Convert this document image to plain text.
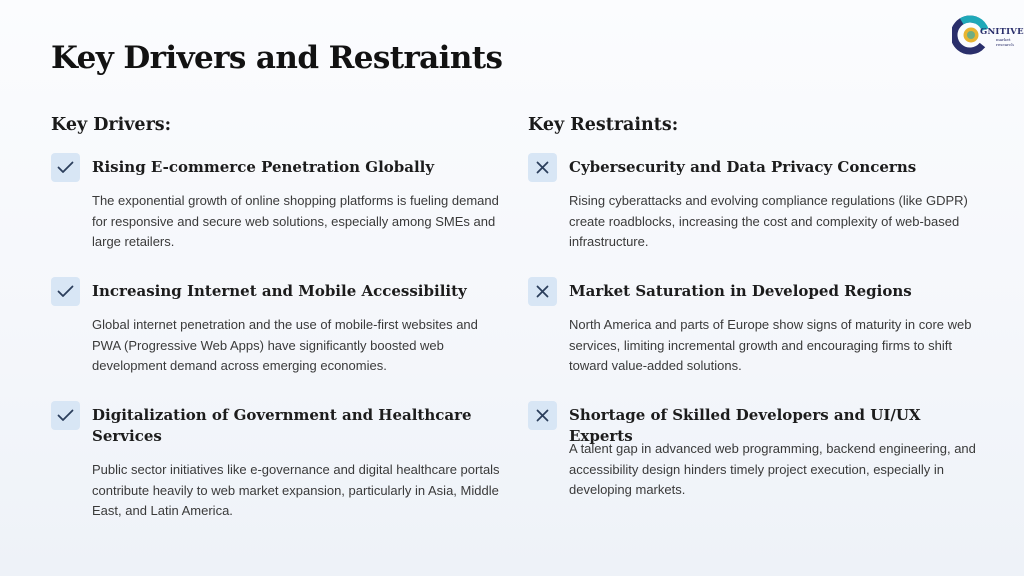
Key Drivers and Restraints
GNITIVE
market research
Key Drivers:
Rising E-commerce Penetration Globally
The exponential growth of online shopping platforms is fueling demand for responsive and secure web solutions, especially among SMEs and large retailers.
Increasing Internet and Mobile Accessibility
Global internet penetration and the use of mobile-first websites and PWA (Progressive Web Apps) have significantly boosted web development demand across emerging economies.
Digitalization of Government and Healthcare Services
Public sector initiatives like e-governance and digital healthcare portals contribute heavily to web market expansion, particularly in Asia, Middle East, and Latin America.
Key Restraints:
Cybersecurity and Data Privacy Concerns
Rising cyberattacks and evolving compliance regulations (like GDPR) create roadblocks, increasing the cost and complexity of web-based infrastructure.
Market Saturation in Developed Regions
North America and parts of Europe show signs of maturity in core web services, limiting incremental growth and encouraging firms to shift toward value-added solutions.
Shortage of Skilled Developers and UI/UX Experts
A talent gap in advanced web programming, backend engineering, and accessibility design hinders timely project execution, especially in developing markets.
